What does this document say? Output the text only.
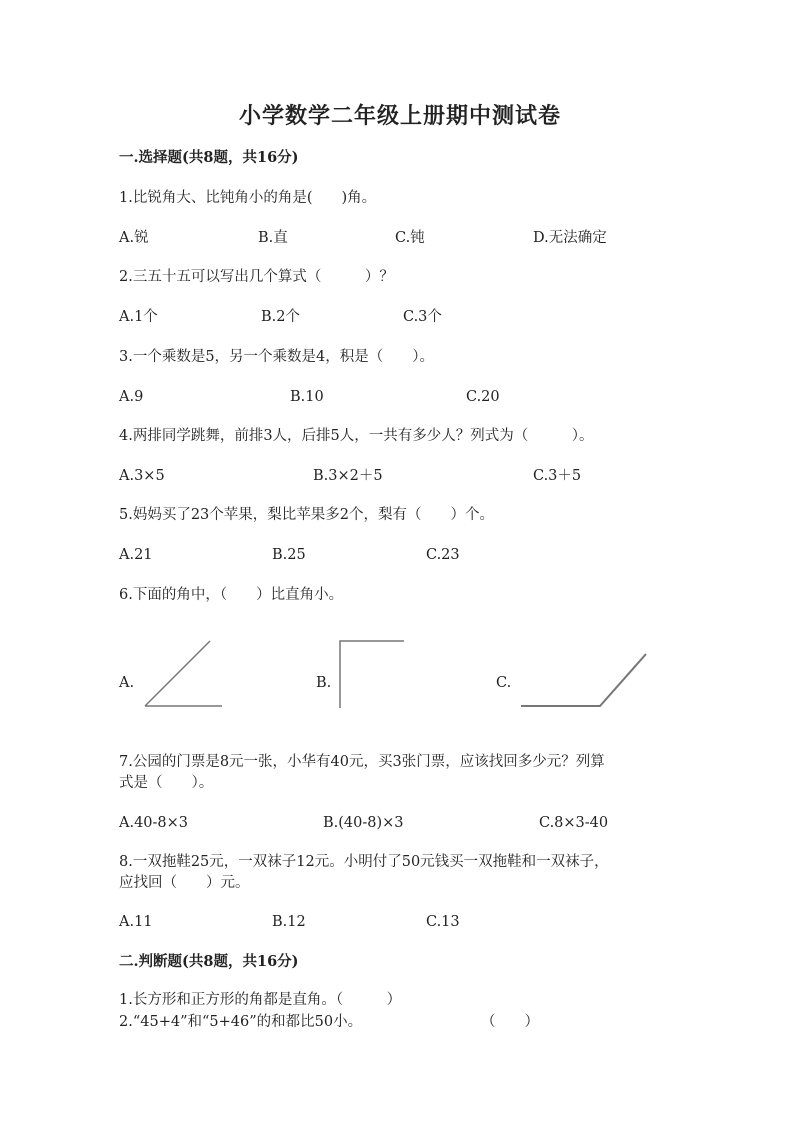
小学数学二年级上册期中测试卷
一.选择题(共8题，共16分)
1.比锐角大、比钝角小的角是(　　)角。
A.锐	B.直	C.钝	D.无法确定
2.三五十五可以写出几个算式（　　　）？
A.1个	B.2个	C.3个
3.一个乘数是5，另一个乘数是4，积是（　　）。
A.9	B.10	C.20
4.两排同学跳舞，前排3人，后排5人，一共有多少人？列式为（　　　）。
A.3×5	B.3×2＋5	C.3＋5
5.妈妈买了23个苹果，梨比苹果多2个，梨有（　　）个。
A.21	B.25	C.23
6.下面的角中，（　　）比直角小。
A.	B.	C.
7.公园的门票是8元一张，小华有40元，买3张门票，应该找回多少元？列算
式是（　　）。
A.40-8×3	B.(40-8)×3	C.8×3-40
8.一双拖鞋25元，一双袜子12元。小明付了50元钱买一双拖鞋和一双袜子，
应找回（　　）元。
A.11	B.12	C.13
二.判断题(共8题，共16分)
1.长方形和正方形的角都是直角。（　　　）
2.“45+4”和“5+46”的和都比50小。	（　　）
